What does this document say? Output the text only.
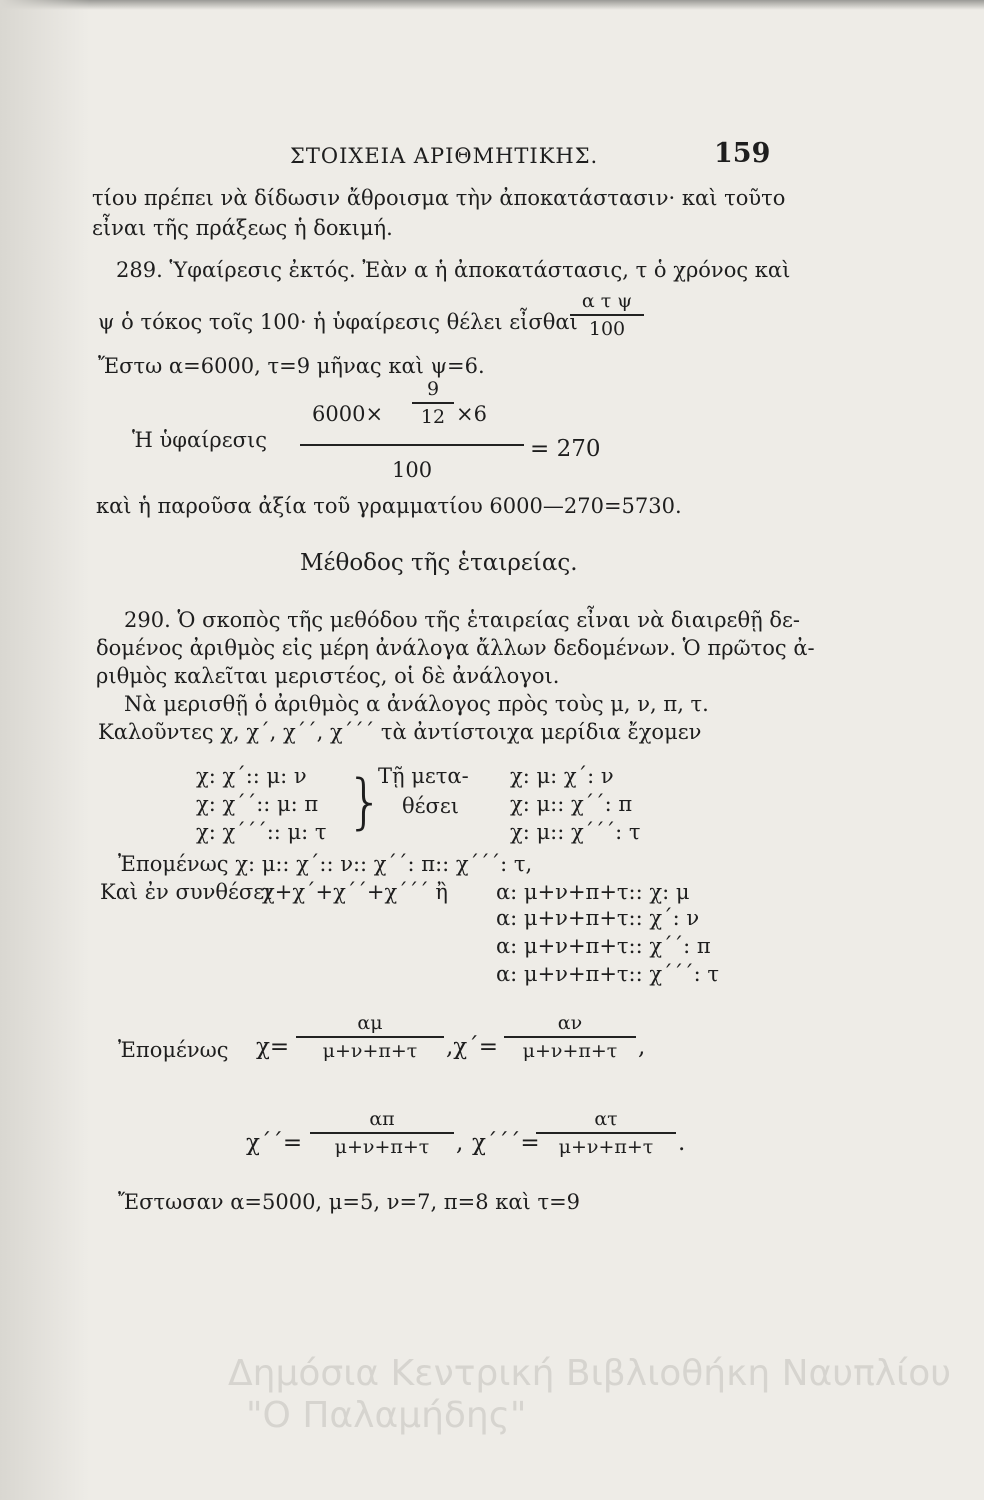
ΣΤΟΙΧΕΙΑ ΑΡΙΘΜΗΤΙΚΗΣ.	159
τίου πρέπει νὰ δίδωσιν ἄθροισμα τὴν ἀποκατάστασιν· καὶ τοῦτο
εἶναι τῆς πράξεως ἡ δοκιμή.
289. Ὑφαίρεσις ἐκτός. Ἐὰν α ἡ ἀποκατάστασις, τ ὁ χρόνος καὶ
ψ ὁ τόκος τοῖς 100· ἡ ὑφαίρεσις θέλει εἶσθαι
α τ ψ
100
Ἔστω α=6000, τ=9 μῆνας καὶ ψ=6.
Ἡ ὑφαίρεσις
6000×
9
12 ×6
100
= 270
καὶ ἡ παροῦσα ἀξία τοῦ γραμματίου 6000—270=5730.
Μέθοδος τῆς ἑταιρείας.
290. Ὁ σκοπὸς τῆς μεθόδου τῆς ἑταιρείας εἶναι νὰ διαιρεθῇ δε-
δομένος ἀριθμὸς εἰς μέρη ἀνάλογα ἄλλων δεδομένων. Ὁ πρῶτος ἀ-
ριθμὸς καλεῖται μεριστέος, οἱ δὲ ἀνάλογοι.
Νὰ μερισθῇ ὁ ἀριθμὸς α ἀνάλογος πρὸς τοὺς μ, ν, π, τ.
Καλοῦντες χ, χ΄, χ΄΄, χ΄΄΄ τὰ ἀντίστοιχα μερίδια ἔχομεν
χ: χ΄:: μ: ν
χ: χ΄΄:: μ: π
χ: χ΄΄΄:: μ: τ }
Τῇ μετα-
θέσει
χ: μ: χ΄: ν
χ: μ:: χ΄΄: π
χ: μ:: χ΄΄΄: τ
Ἐπομένως χ: μ:: χ΄:: ν:: χ΄΄: π:: χ΄΄΄: τ,
Καὶ ἐν συνθέσει
χ+χ΄+χ΄΄+χ΄΄΄ ἢ α: μ+ν+π+τ:: χ: μ
α: μ+ν+π+τ:: χ΄: ν
α: μ+ν+π+τ:: χ΄΄: π
α: μ+ν+π+τ:: χ΄΄΄: τ
Ἐπομένως χ=
αμ
μ+ν+π+τ	,χ΄=
αν
μ+ν+π+τ ,
χ΄΄=
απ
μ+ν+π+τ	, χ΄΄΄=
ατ
μ+ν+π+τ	.
Ἔστωσαν α=5000, μ=5, ν=7, π=8 καὶ τ=9
Δημόσια Κεντρική Βιβλιοθήκη Ναυπλίου
"Ο Παλαμήδης"
